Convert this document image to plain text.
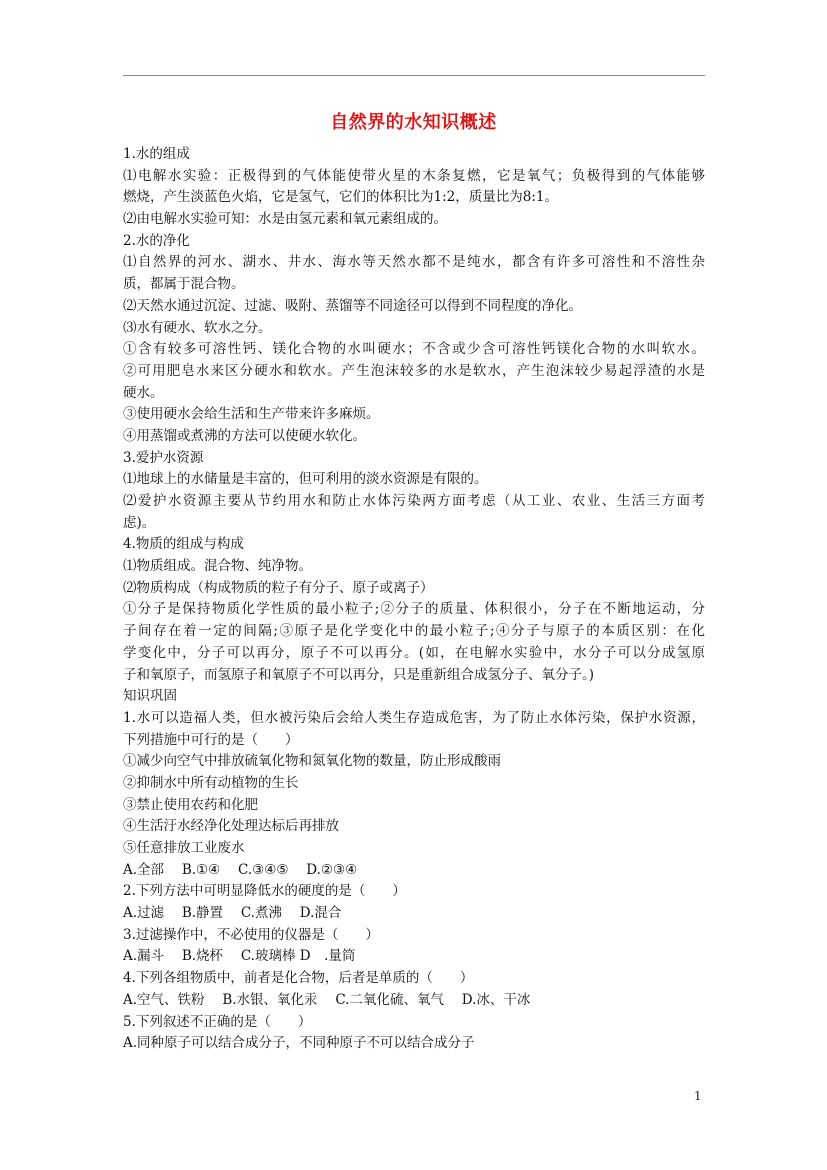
自然界的水知识概述
1.水的组成
⑴电解水实验：正极得到的气体能使带火星的木条复燃，它是氧气；负极得到的气体能够
燃烧，产生淡蓝色火焰，它是氢气，它们的体积比为1:2，质量比为8:1。
⑵由电解水实验可知：水是由氢元素和氧元素组成的。
2.水的净化
⑴自然界的河水、湖水、井水、海水等天然水都不是纯水，都含有许多可溶性和不溶性杂
质，都属于混合物。
⑵天然水通过沉淀、过滤、吸附、蒸馏等不同途径可以得到不同程度的净化。
⑶水有硬水、软水之分。
①含有较多可溶性钙、镁化合物的水叫硬水；不含或少含可溶性钙镁化合物的水叫软水。
②可用肥皂水来区分硬水和软水。产生泡沫较多的水是软水，产生泡沫较少易起浮渣的水是
硬水。
③使用硬水会给生活和生产带来许多麻烦。
④用蒸馏或煮沸的方法可以使硬水软化。
3.爱护水资源
⑴地球上的水储量是丰富的，但可利用的淡水资源是有限的。
⑵爱护水资源主要从节约用水和防止水体污染两方面考虑（从工业、农业、生活三方面考
虑)。
4.物质的组成与构成
⑴物质组成。混合物、纯净物。
⑵物质构成（构成物质的粒子有分子、原子或离子）
①分子是保持物质化学性质的最小粒子;②分子的质量、体积很小，分子在不断地运动，分
子间存在着一定的间隔;③原子是化学变化中的最小粒子;④分子与原子的本质区别：在化
学变化中，分子可以再分，原子不可以再分。(如，在电解水实验中，水分子可以分成氢原
子和氧原子，而氢原子和氧原子不可以再分，只是重新组合成氢分子、氧分子。)
知识巩固
1.水可以造福人类，但水被污染后会给人类生存造成危害，为了防止水体污染，保护水资源，
下列措施中可行的是（　　）
①减少向空气中排放硫氧化物和氮氧化物的数量，防止形成酸雨
②抑制水中所有动植物的生长
③禁止使用农药和化肥
④生活汙水经净化处理达标后再排放
⑤任意排放工业废水
A.全部　 B.①④　 C.③④⑤　 D.②③④
2.下列方法中可明显降低水的硬度的是（　　）
A.过滤　 B.静置　 C.煮沸　 D.混合
3.过滤操作中，不必使用的仪器是（　　）
A.漏斗　 B.烧杯　 C.玻璃棒 D　.量筒
4.下列各组物质中，前者是化合物，后者是单质的（　　）
A.空气、铁粉　 B.水银、氧化汞　 C.二氧化硫、氧气　 D.冰、干冰
5.下列叙述不正确的是（　　）
A.同种原子可以结合成分子，不同种原子不可以结合成分子
1
